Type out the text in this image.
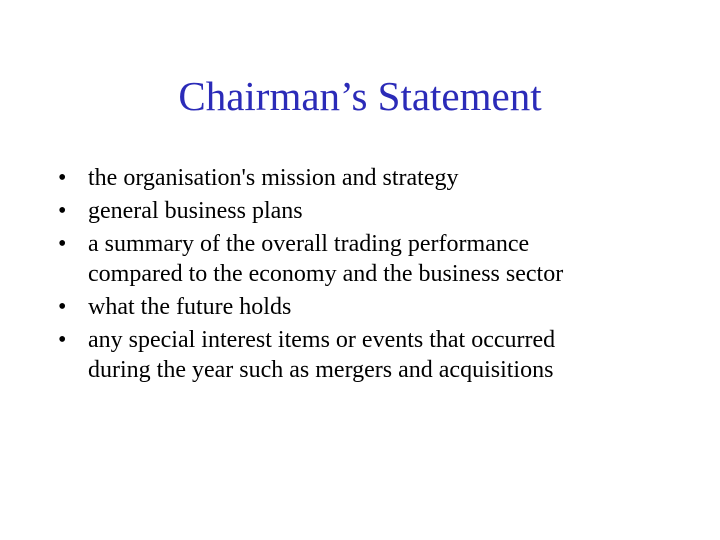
Chairman’s Statement
• the organisation's mission and strategy
• general business plans
• a summary of the overall trading performance
compared to the economy and the business sector
• what the future holds
• any special interest items or events that occurred
during the year such as mergers and acquisitions
